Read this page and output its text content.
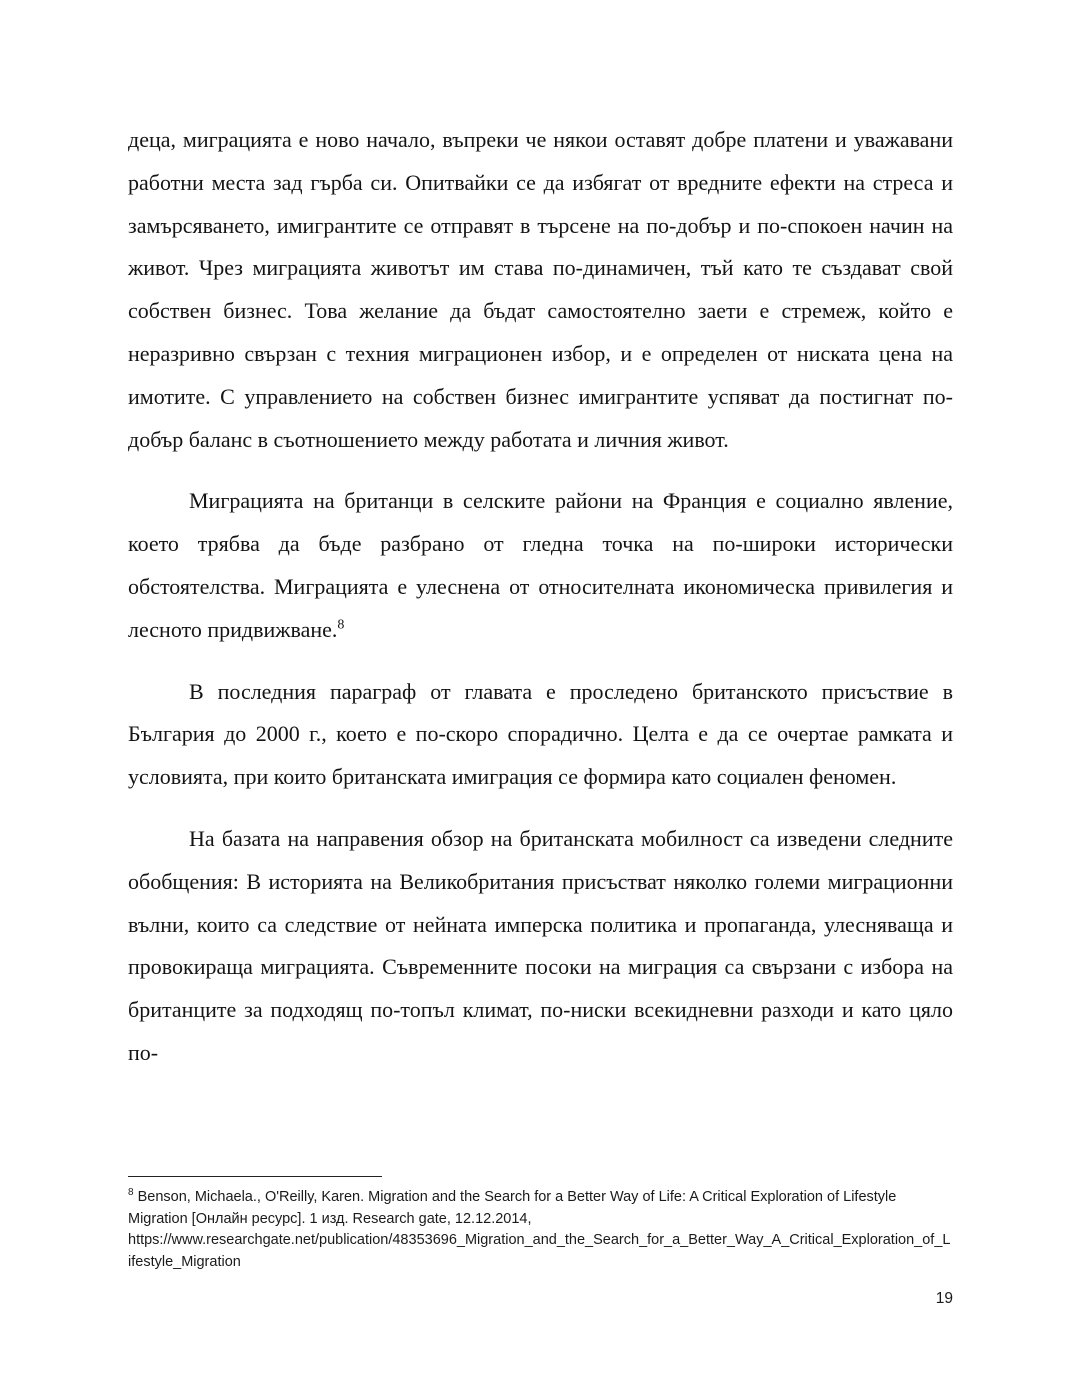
деца, миграцията е ново начало, въпреки че някои оставят добре платени и уважавани работни места зад гърба си. Опитвайки се да избягат от вредните ефекти на стреса и замърсяването, имигрантите се отправят в търсене на по-добър и по-спокоен начин на живот. Чрез миграцията животът им става по-динамичен, тъй като те създават свой собствен бизнес. Това желание да бъдат самостоятелно заети е стремеж, който е неразривно свързан с техния миграционен избор, и е определен от ниската цена на имотите. С управлението на собствен бизнес имигрантите успяват да постигнат по-добър баланс в съотношението между работата и личния живот.

Миграцията на британци в селските райони на Франция е социално явление, което трябва да бъде разбрано от гледна точка на по-широки исторически обстоятелства. Миграцията е улеснена от относителната икономическа привилегия и лесното придвижване.$^8$

В последния параграф от главата е проследено британското присъствие в България до 2000 г., което е по-скоро спорадично. Целта е да се очертае рамката и условията, при които британската имиграция се формира като социален феномен.

На базата на направения обзор на британската мобилност са изведени следните обобщения: В историята на Великобритания присъстват няколко големи миграционни вълни, които са следствие от нейната имперска политика и пропаганда, улесняваща и провокираща миграцията. Съвременните посоки на миграция са свързани с избора на британците за подходящ по-топъл климат, по-ниски всекидневни разходи и като цяло по-

$^8$ Benson, Michaela., O'Reilly, Karen. Migration and the Search for a Better Way of Life: A Critical Exploration of Lifestyle Migration [Онлайн ресурс]. 1 изд. Research gate, 12.12.2014,

https://www.researchgate.net/publication/48353696_Migration_and_the_Search_for_a_Better_Way_A_Critical_Exploration_of_Lifestyle_Migration

19
